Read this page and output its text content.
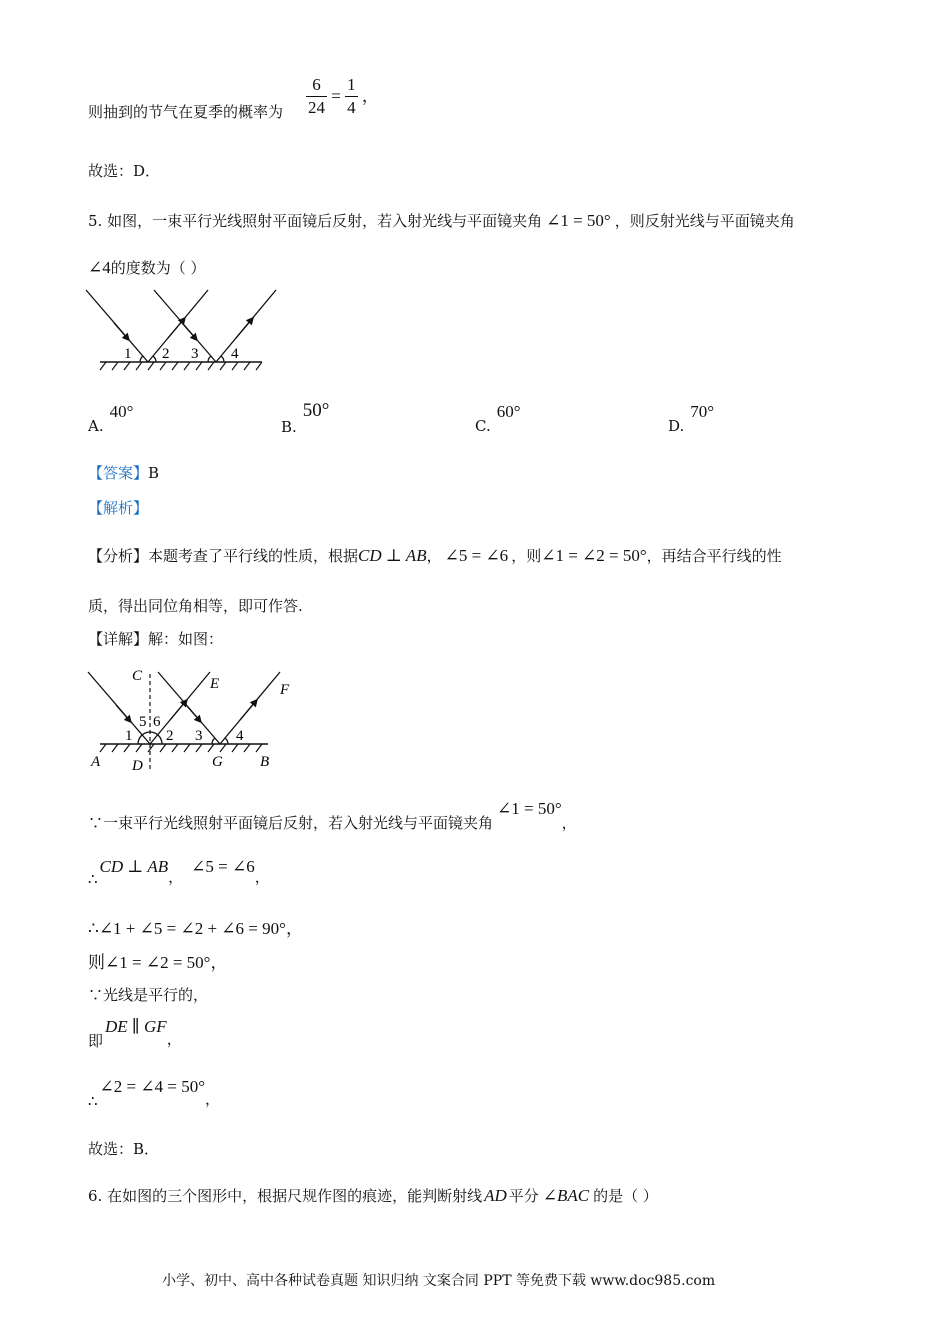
则抽到的节气在夏季的概率为 $\frac{6}{24} = \frac{1}{4}$ ，
故选：D．
5. 如图，一束平行光线照射平面镜后反射，若入射光线与平面镜夹角 ∠1 = 50° ，则反射光线与平面镜夹角
∠4的度数为（ ）
1 2 3 4
A.40°
B.50°
C.60°
D.70°
【答案】B
【解析】
【分析】本题考查了平行线的性质，根据CD ⊥ AB， ∠5 = ∠6 ，则∠1 = ∠2 = 50°，再结合平行线的性
质，得出同位角相等，即可作答.
【详解】解：如图：
C	E	F
5 6
1 2 3 4
A D	G B
∵一束平行光线照射平面镜后反射，若入射光线与平面镜夹角∠1 = 50°，
∴CD ⊥ AB，∠5 = ∠6，
∴∠1 + ∠5 = ∠2 + ∠6 = 90°，
则∠1 = ∠2 = 50°，
∵光线是平行的，
即DE ∥ GF，
∴∠2 = ∠4 = 50°，
故选：B．
6. 在如图的三个图形中，根据尺规作图的痕迹，能判断射线 AD 平分 ∠BAC 的是（ ）
小学、初中、高中各种试卷真题 知识归纳 文案合同 PPT 等免费下载 www.doc985.com
